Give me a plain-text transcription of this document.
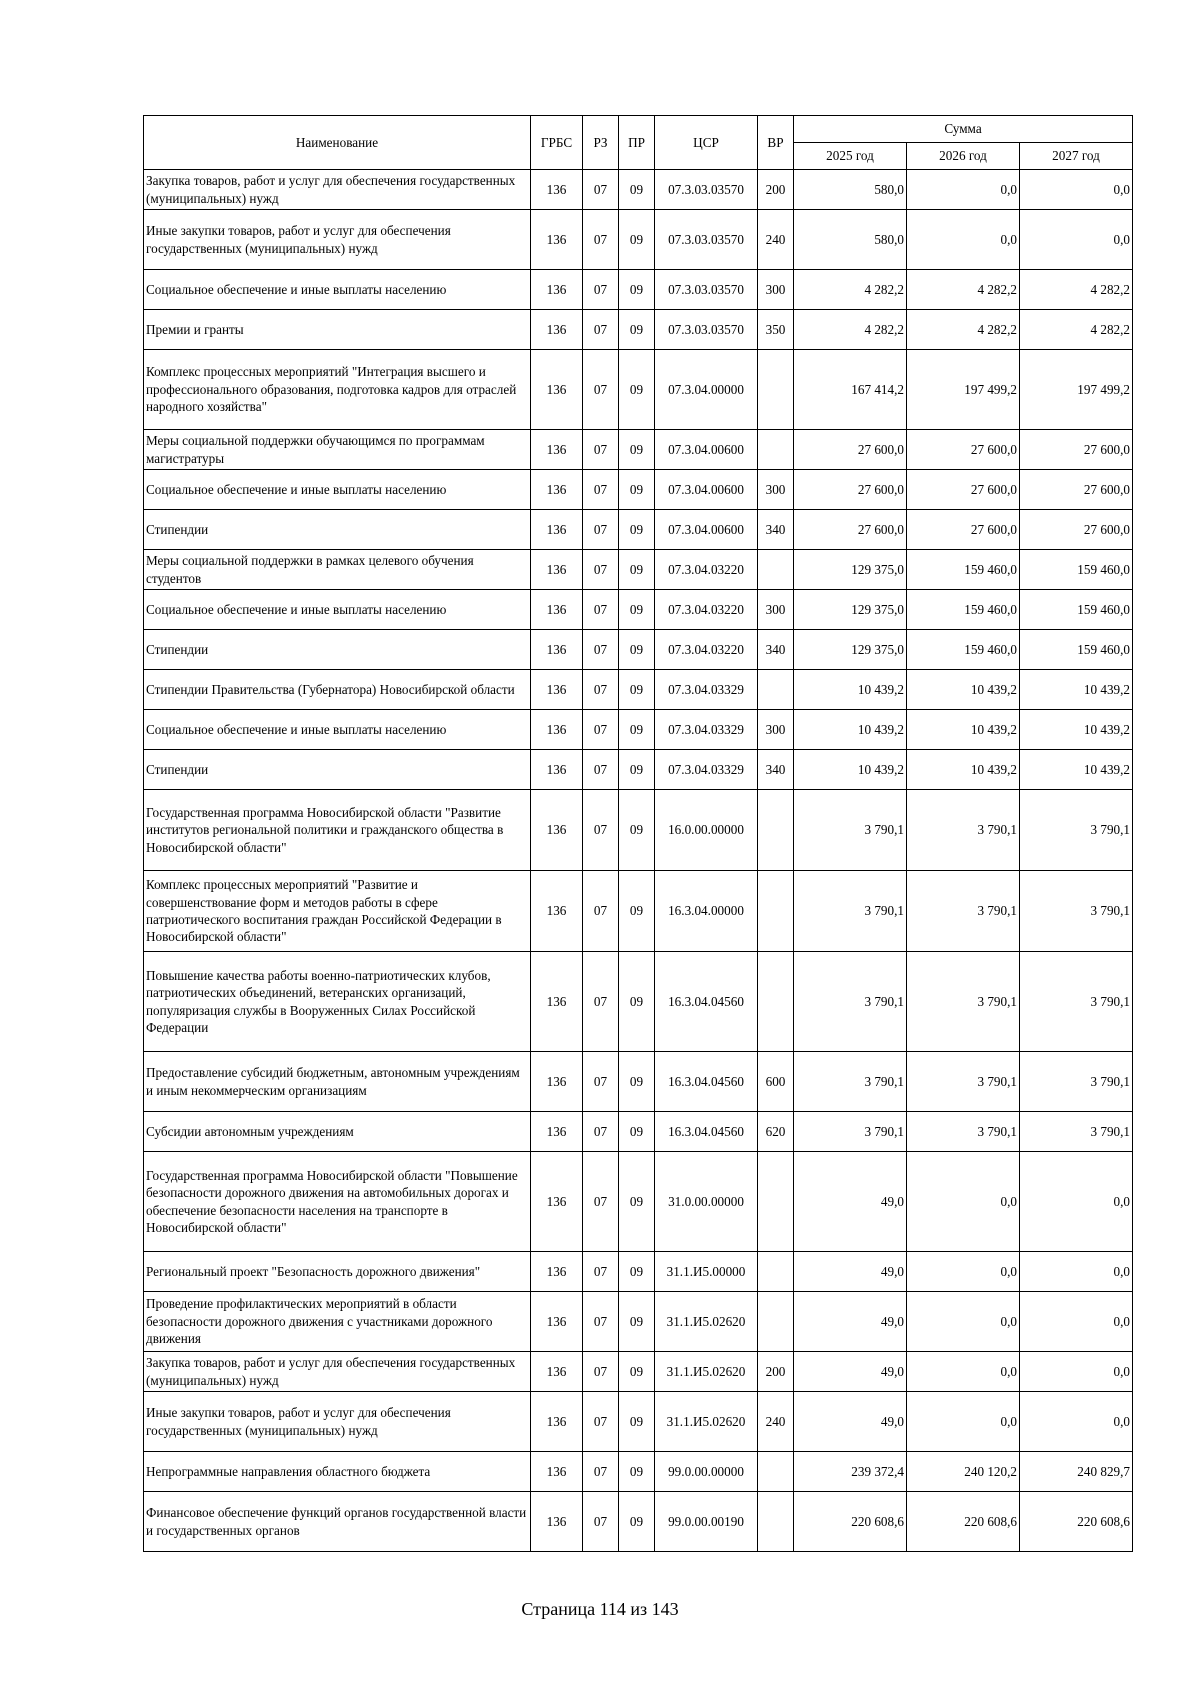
Наименование	ГРБС	РЗ	ПР	ЦСР	ВР	Сумма		
						2025 год	2026 год	2027 год
Закупка товаров, работ и услуг для обеспечения государственных (муниципальных) нужд	136	07	09	07.3.03.03570	200	580,0	0,0	0,0
Иные закупки товаров, работ и услуг для обеспечения государственных (муниципальных) нужд	136	07	09	07.3.03.03570	240	580,0	0,0	0,0
Социальное обеспечение и иные выплаты населению	136	07	09	07.3.03.03570	300	4 282,2	4 282,2	4 282,2
Премии и гранты	136	07	09	07.3.03.03570	350	4 282,2	4 282,2	4 282,2
Комплекс процессных мероприятий "Интеграция высшего и профессионального образования, подготовка кадров для отраслей народного хозяйства"	136	07	09	07.3.04.00000		167 414,2	197 499,2	197 499,2
Меры социальной поддержки обучающимся по программам магистратуры	136	07	09	07.3.04.00600		27 600,0	27 600,0	27 600,0
Социальное обеспечение и иные выплаты населению	136	07	09	07.3.04.00600	300	27 600,0	27 600,0	27 600,0
Стипендии	136	07	09	07.3.04.00600	340	27 600,0	27 600,0	27 600,0
Меры социальной поддержки в рамках целевого обучения студентов	136	07	09	07.3.04.03220		129 375,0	159 460,0	159 460,0
Социальное обеспечение и иные выплаты населению	136	07	09	07.3.04.03220	300	129 375,0	159 460,0	159 460,0
Стипендии	136	07	09	07.3.04.03220	340	129 375,0	159 460,0	159 460,0
Стипендии Правительства (Губернатора) Новосибирской области	136	07	09	07.3.04.03329		10 439,2	10 439,2	10 439,2
Социальное обеспечение и иные выплаты населению	136	07	09	07.3.04.03329	300	10 439,2	10 439,2	10 439,2
Стипендии	136	07	09	07.3.04.03329	340	10 439,2	10 439,2	10 439,2
Государственная программа Новосибирской области "Развитие институтов региональной политики и гражданского общества в Новосибирской области"	136	07	09	16.0.00.00000		3 790,1	3 790,1	3 790,1
Комплекс процессных мероприятий "Развитие и совершенствование форм и методов работы в сфере патриотического воспитания граждан Российской Федерации в Новосибирской области"	136	07	09	16.3.04.00000		3 790,1	3 790,1	3 790,1
Повышение качества работы военно-патриотических клубов, патриотических объединений, ветеранских организаций, популяризация службы в Вооруженных Силах Российской Федерации	136	07	09	16.3.04.04560		3 790,1	3 790,1	3 790,1
Предоставление субсидий бюджетным, автономным учреждениям и иным некоммерческим организациям	136	07	09	16.3.04.04560	600	3 790,1	3 790,1	3 790,1
Субсидии автономным учреждениям	136	07	09	16.3.04.04560	620	3 790,1	3 790,1	3 790,1
Государственная программа Новосибирской области "Повышение безопасности дорожного движения на автомобильных дорогах и обеспечение безопасности населения на транспорте в Новосибирской области"	136	07	09	31.0.00.00000		49,0	0,0	0,0
Региональный проект "Безопасность дорожного движения"	136	07	09	31.1.И5.00000		49,0	0,0	0,0
Проведение профилактических мероприятий в области безопасности дорожного движения с участниками дорожного движения	136	07	09	31.1.И5.02620		49,0	0,0	0,0
Закупка товаров, работ и услуг для обеспечения государственных (муниципальных) нужд	136	07	09	31.1.И5.02620	200	49,0	0,0	0,0
Иные закупки товаров, работ и услуг для обеспечения государственных (муниципальных) нужд	136	07	09	31.1.И5.02620	240	49,0	0,0	0,0
Непрограммные направления областного бюджета	136	07	09	99.0.00.00000		239 372,4	240 120,2	240 829,7
Финансовое обеспечение функций органов государственной власти и государственных органов	136	07	09	99.0.00.00190		220 608,6	220 608,6	220 608,6
Страница 114 из 143
